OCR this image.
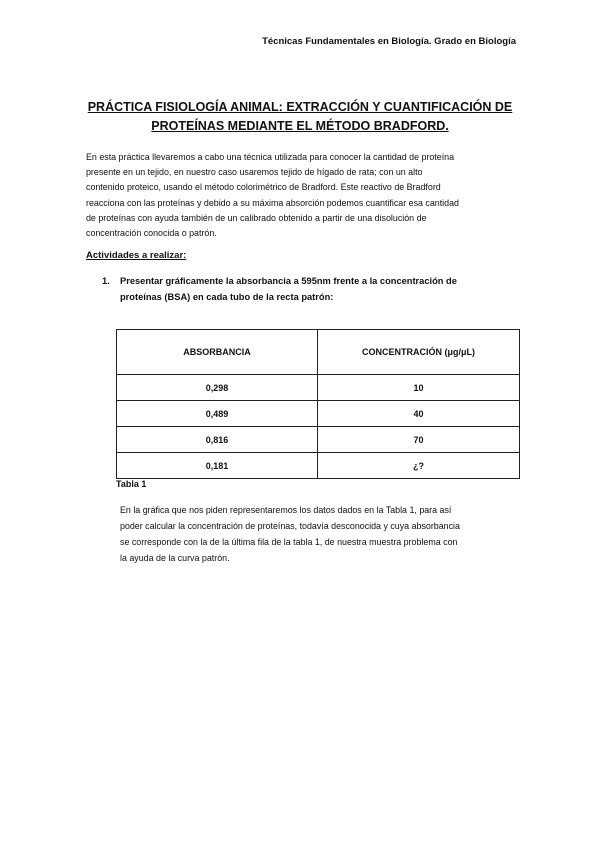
Técnicas Fundamentales en Biología. Grado en Biología
PRÁCTICA FISIOLOGÍA ANIMAL: EXTRACCIÓN Y CUANTIFICACIÓN DE
PROTEÍNAS MEDIANTE EL MÉTODO BRADFORD.
En esta práctica llevaremos a cabo una técnica utilizada para conocer la cantidad de proteína
presente en un tejido, en nuestro caso usaremos tejido de hígado de rata; con un alto
contenido proteico, usando el método colorimétrico de Bradford. Este reactivo de Bradford
reacciona con las proteínas y debido a su máxima absorción podemos cuantificar esa cantidad
de proteínas con ayuda también de un calibrado obtenido a partir de una disolución de
concentración conocida o patrón.
Actividades a realizar:
1. Presentar gráficamente la absorbancia a 595nm frente a la concentración de
proteínas (BSA) en cada tubo de la recta patrón:
ABSORBANCIA	CONCENTRACIÓN (μg/μL)
0,298	10
0,489	40
0,816	70
0,181	¿?
Tabla 1
En la gráfica que nos piden representaremos los datos dados en la Tabla 1, para así
poder calcular la concentración de proteínas, todavía desconocida y cuya absorbancia
se corresponde con la de la última fila de la tabla 1, de nuestra muestra problema con
la ayuda de la curva patrón.
